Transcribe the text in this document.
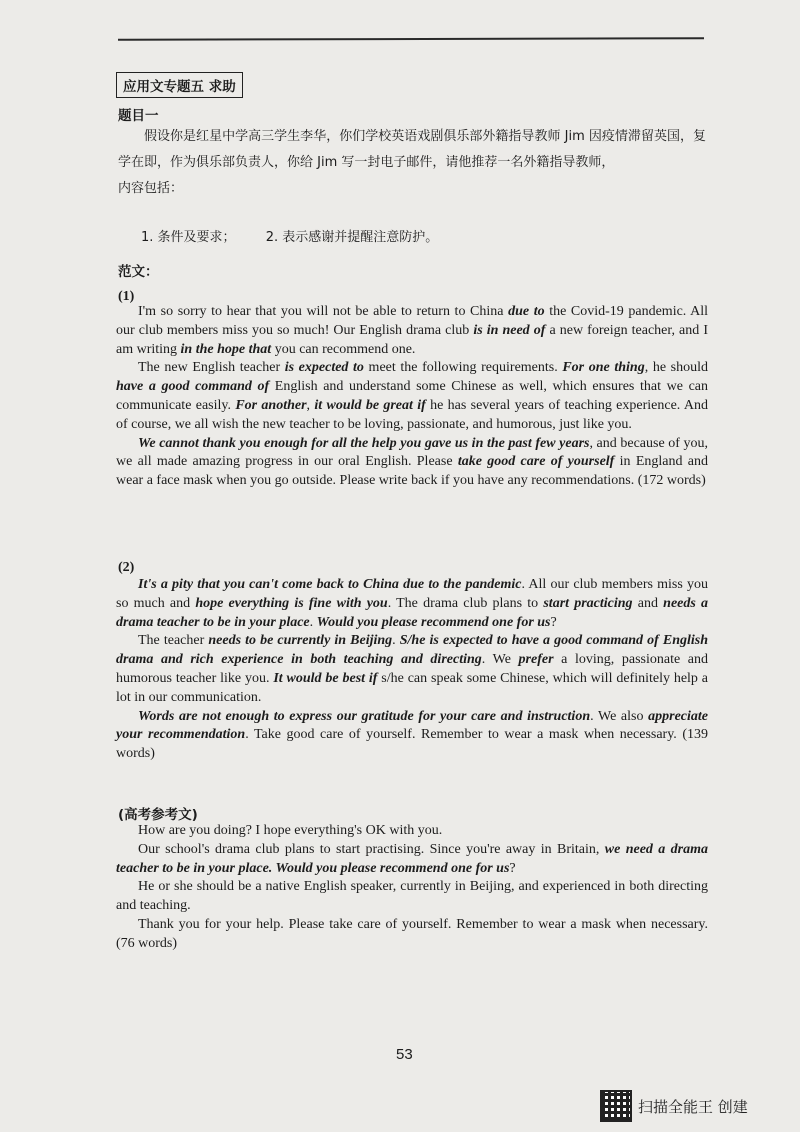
应用文专题五 求助
题目一

假设你是红星中学高三学生李华，你们学校英语戏剧俱乐部外籍指导教师 Jim 因疫情滞留英国，复学在即，作为俱乐部负责人，你给 Jim 写一封电子邮件，请他推荐一名外籍指导教师，

内容包括：

1. 条件及要求； 2. 表示感谢并提醒注意防护。
范文：
(1)

I'm so sorry to hear that you will not be able to return to China due to the Covid-19 pandemic. All our club members miss you so much! Our English drama club is in need of a new foreign teacher, and I am writing in the hope that you can recommend one.

The new English teacher is expected to meet the following requirements. For one thing, he should have a good command of English and understand some Chinese as well, which ensures that we can communicate easily. For another, it would be great if he has several years of teaching experience. And of course, we all wish the new teacher to be loving, passionate, and humorous, just like you.

We cannot thank you enough for all the help you gave us in the past few years, and because of you, we all made amazing progress in our oral English. Please take good care of yourself in England and wear a face mask when you go outside. Please write back if you have any recommendations. (172 words)

(2)

It's a pity that you can't come back to China due to the pandemic. All our club members miss you so much and hope everything is fine with you. The drama club plans to start practicing and needs a drama teacher to be in your place. Would you please recommend one for us?

The teacher needs to be currently in Beijing. S/he is expected to have a good command of English drama and rich experience in both teaching and directing. We prefer a loving, passionate and humorous teacher like you. It would be best if s/he can speak some Chinese, which will definitely help a lot in our communication.

Words are not enough to express our gratitude for your care and instruction. We also appreciate your recommendation. Take good care of yourself. Remember to wear a mask when necessary. (139 words)

(高考参考文)

How are you doing? I hope everything's OK with you.

Our school's drama club plans to start practising. Since you're away in Britain, we need a drama teacher to be in your place. Would you please recommend one for us?

He or she should be a native English speaker, currently in Beijing, and experienced in both directing and teaching.

Thank you for your help. Please take care of yourself. Remember to wear a mask when necessary. (76 words)

53
扫描全能王 创建
